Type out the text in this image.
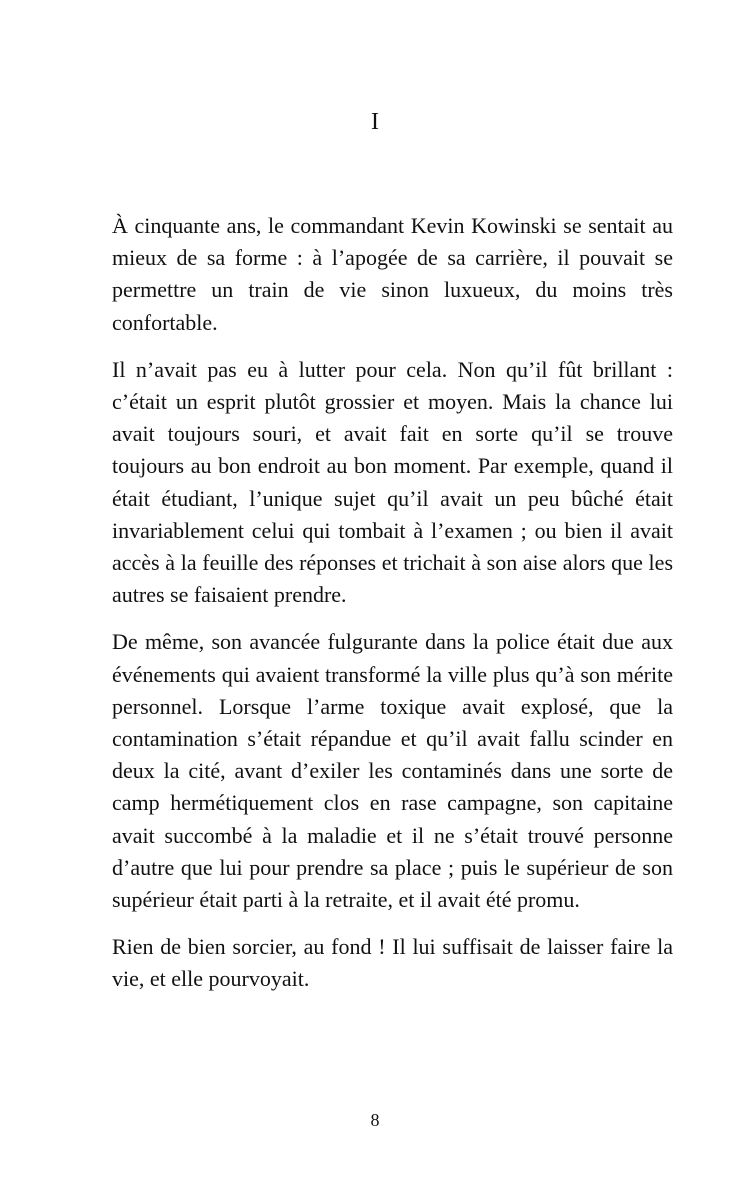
I

À cinquante ans, le commandant Kevin Kowinski se sentait au mieux de sa forme : à l’apogée de sa carrière, il pouvait se permettre un train de vie sinon luxueux, du moins très confortable.

Il n’avait pas eu à lutter pour cela. Non qu’il fût brillant : c’était un esprit plutôt grossier et moyen. Mais la chance lui avait toujours souri, et avait fait en sorte qu’il se trouve toujours au bon endroit au bon moment. Par exemple, quand il était étudiant, l’unique sujet qu’il avait un peu bûché était invariablement celui qui tombait à l’examen ; ou bien il avait accès à la feuille des réponses et trichait à son aise alors que les autres se faisaient prendre.

De même, son avancée fulgurante dans la police était due aux événements qui avaient transformé la ville plus qu’à son mérite personnel. Lorsque l’arme toxique avait explosé, que la contamination s’était répandue et qu’il avait fallu scinder en deux la cité, avant d’exiler les contaminés dans une sorte de camp hermétiquement clos en rase campagne, son capitaine avait succombé à la maladie et il ne s’était trouvé personne d’autre que lui pour prendre sa place ; puis le supérieur de son supérieur était parti à la retraite, et il avait été promu.

Rien de bien sorcier, au fond ! Il lui suffisait de laisser faire la vie, et elle pourvoyait.

8
